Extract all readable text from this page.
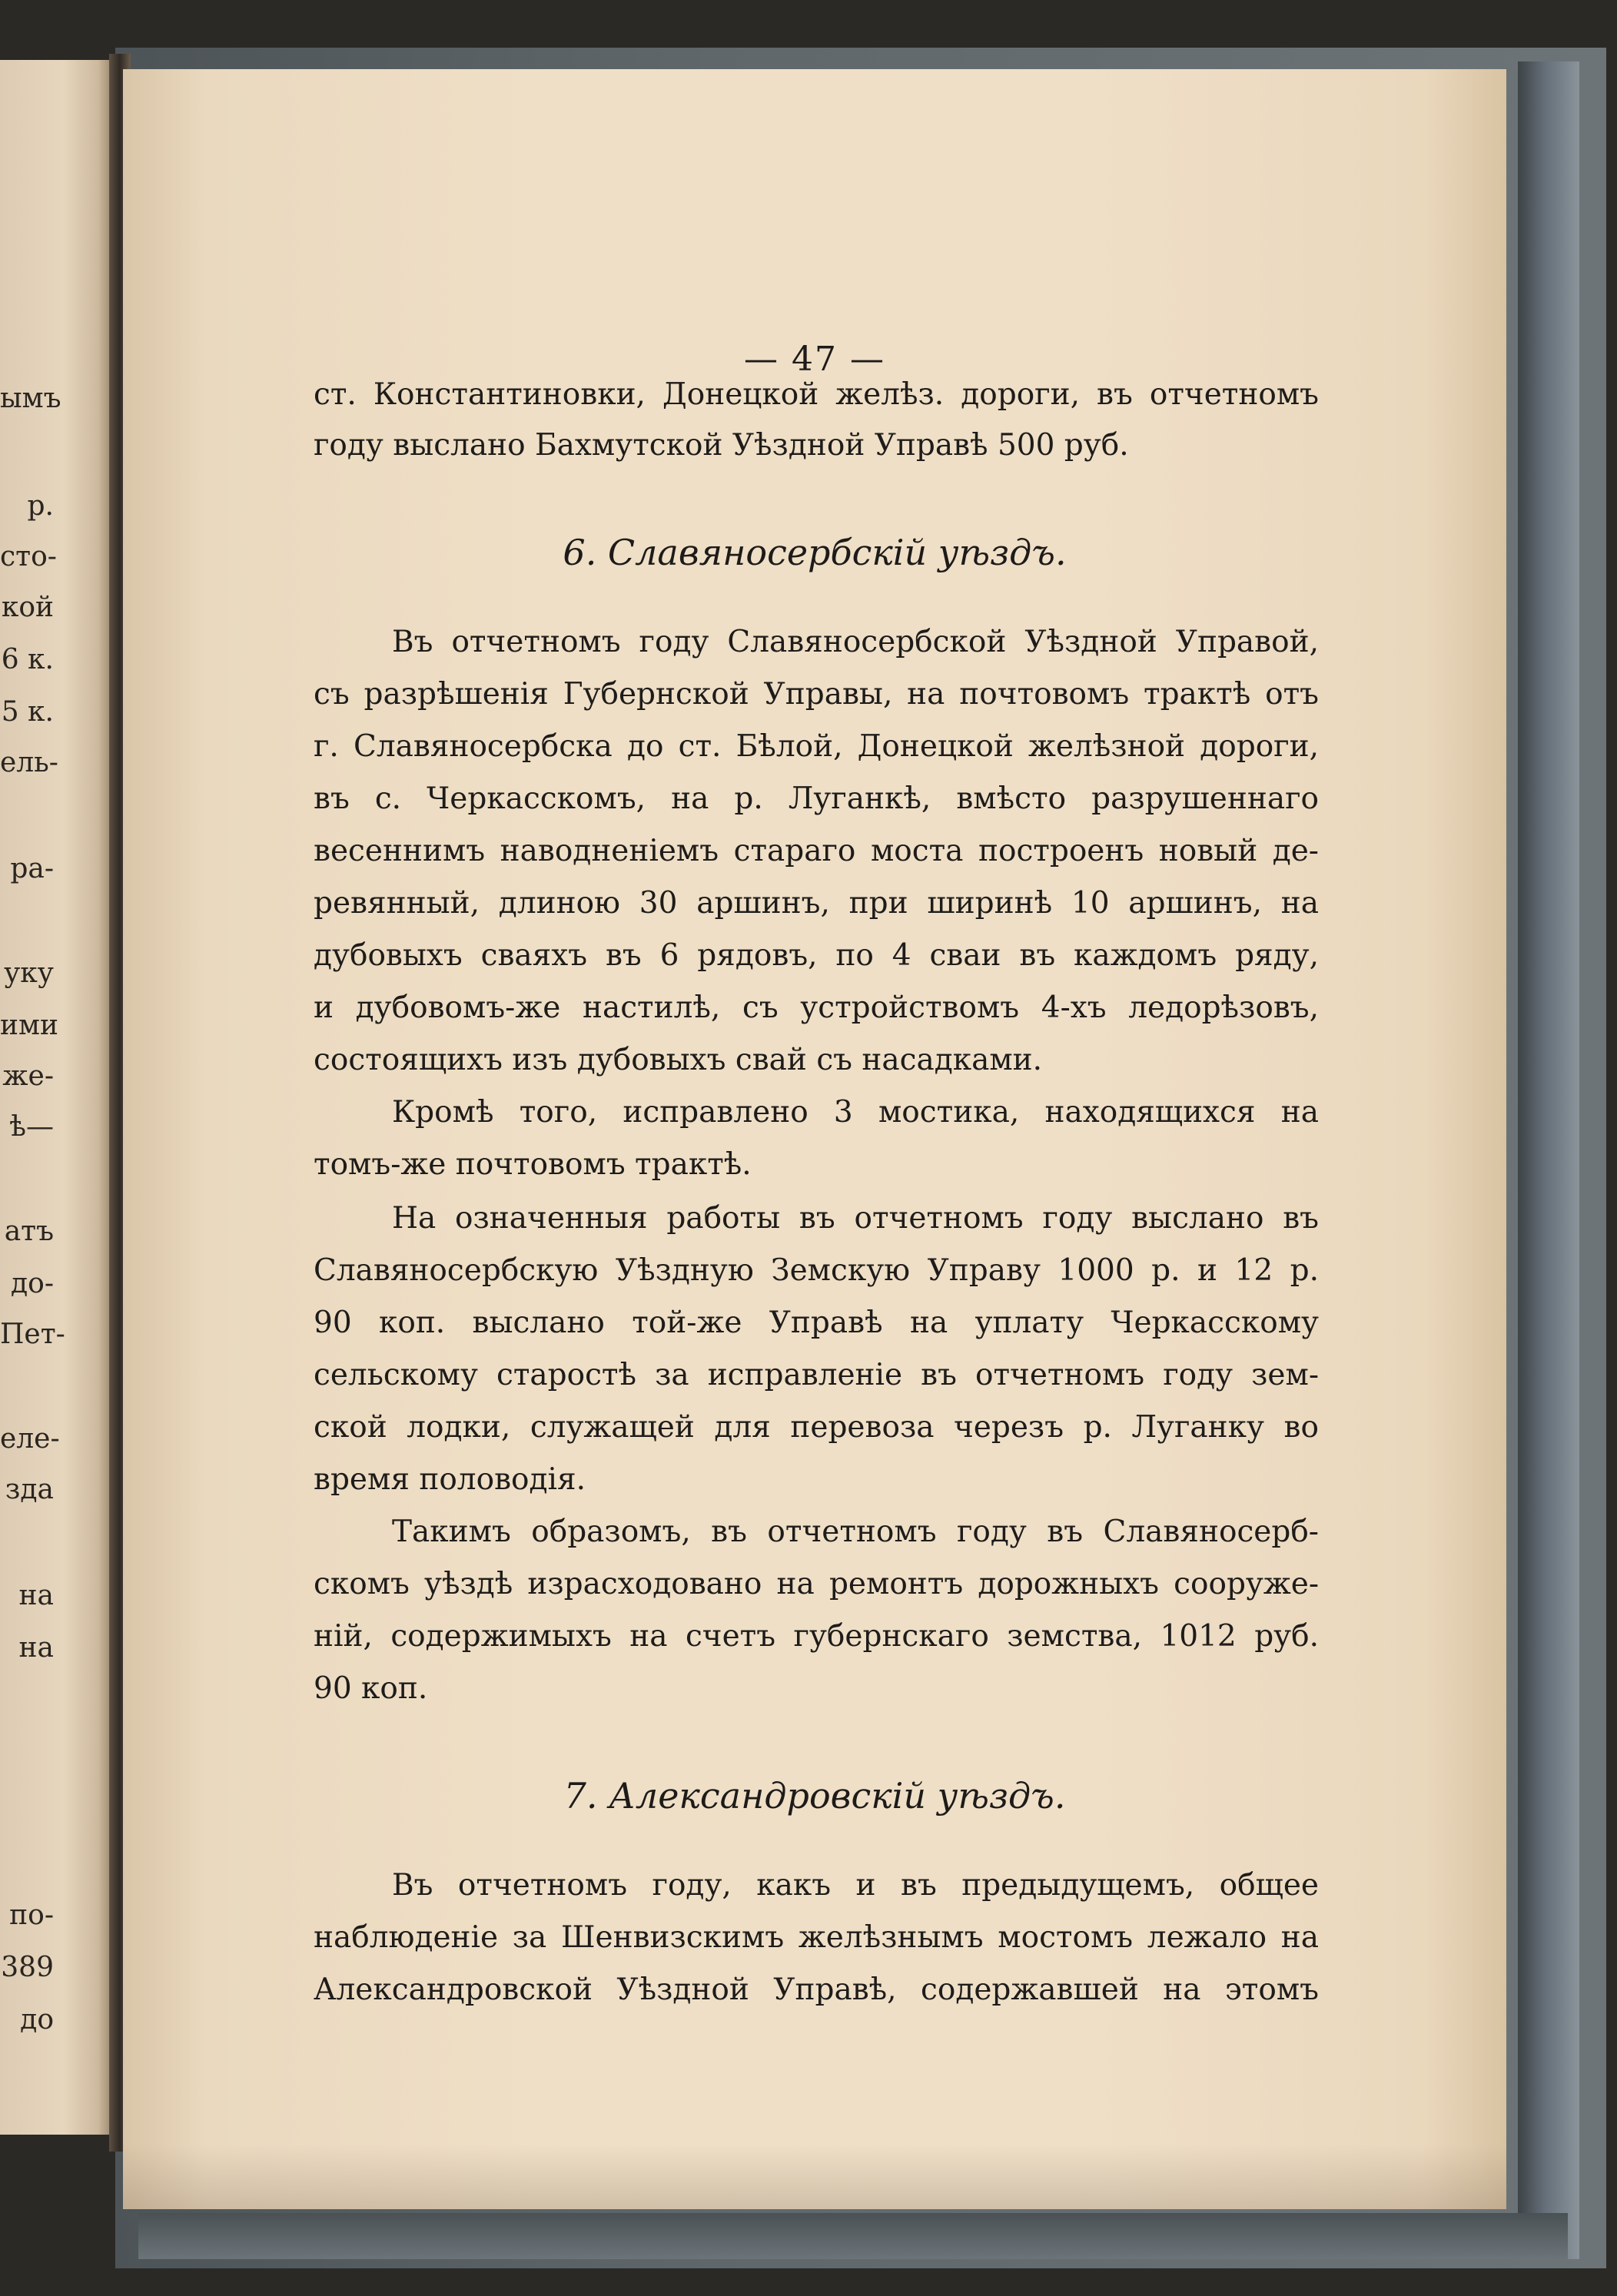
ымъ
р.
сто-
кой
6 к.
5 к.
ель-
ра-
уку
ими
же-
ѣ—
атъ
до-
Пет-
еле-
зда
на
на
по-
389
до
— 47 —
ст. Константиновки, Донецкой желѣз. дороги, въ отчетномъ
году выслано Бахмутской Уѣздной Управѣ 500 руб.
6. Славяносербскій уѣздъ.
Въ отчетномъ году Славяносербской Уѣздной Управой,
съ разрѣшенія Губернской Управы, на почтовомъ трактѣ отъ
г. Славяносербска до ст. Бѣлой, Донецкой желѣзной дороги,
въ с. Черкасскомъ, на р. Луганкѣ, вмѣсто разрушеннаго
весеннимъ наводненіемъ стараго моста построенъ новый де-
ревянный, длиною 30 аршинъ, при ширинѣ 10 аршинъ, на
дубовыхъ сваяхъ въ 6 рядовъ, по 4 сваи въ каждомъ ряду,
и дубовомъ-же настилѣ, съ устройствомъ 4-хъ ледорѣзовъ,
состоящихъ изъ дубовыхъ свай съ насадками.
Кромѣ того, исправлено 3 мостика, находящихся на
томъ-же почтовомъ трактѣ.
На означенныя работы въ отчетномъ году выслано въ
Славяносербскую Уѣздную Земскую Управу 1000 р. и 12 р.
90 коп. выслано той-же Управѣ на уплату Черкасскому
сельскому старостѣ за исправленіе въ отчетномъ году зем-
ской лодки, служащей для перевоза черезъ р. Луганку во
время половодія.
Такимъ образомъ, въ отчетномъ году въ Славяносерб-
скомъ уѣздѣ израсходовано на ремонтъ дорожныхъ сооруже-
ній, содержимыхъ на счетъ губернскаго земства, 1012 руб.
90 коп.
7. Александровскій уѣздъ.
Въ отчетномъ году, какъ и въ предыдущемъ, общее
наблюденіе за Шенвизскимъ желѣзнымъ мостомъ лежало на
Александровской Уѣздной Управѣ, содержавшей на этомъ
